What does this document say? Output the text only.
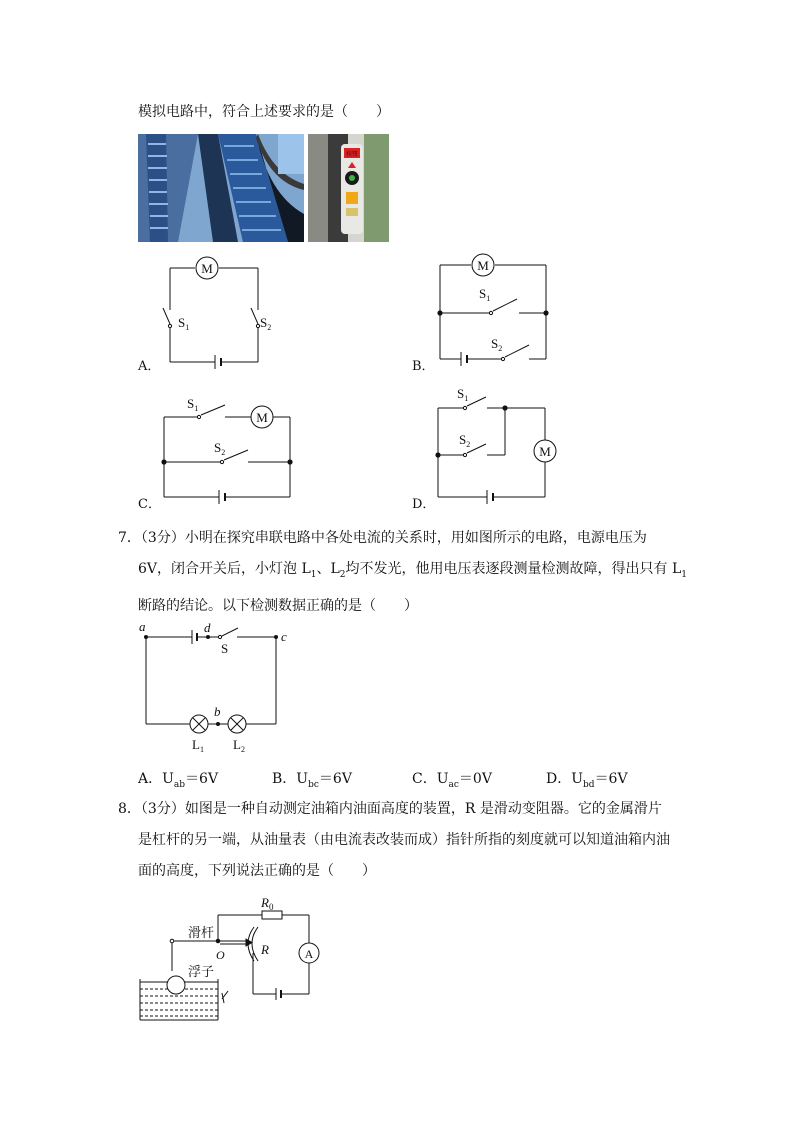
模拟电路中，符合上述要求的是（　　）
按钮
M
$S_1$	$S_2$
A．
M
$S_1$
$S_2$
B．
M
$S_1$
$S_2$
C．
M
$S_1$
$S_2$
D．
7．（3分）小明在探究串联电路中各处电流的关系时，用如图所示的电路，电源电压为
6V，闭合开关后，小灯泡 $L_1$、$L_2$均不发光，他用电压表逐段测量检测故障，得出只有 $L_1$
断路的结论。以下检测数据正确的是（　　）
a
c
d
S
b
$L_1$ $L_2$
A．$U_{ab}=6V$	B．$U_{bc}=6V$	C．$U_{ac}=0V$	D．$U_{bd}=6V$
8．（3分）如图是一种自动测定油箱内油面高度的装置，R 是滑动变阻器。它的金属滑片
是杠杆的另一端，从油量表（由电流表改装而成）指针所指的刻度就可以知道油箱内油
面的高度，下列说法正确的是（　　）
A
$R_0$
R
O
滑杆
浮子
